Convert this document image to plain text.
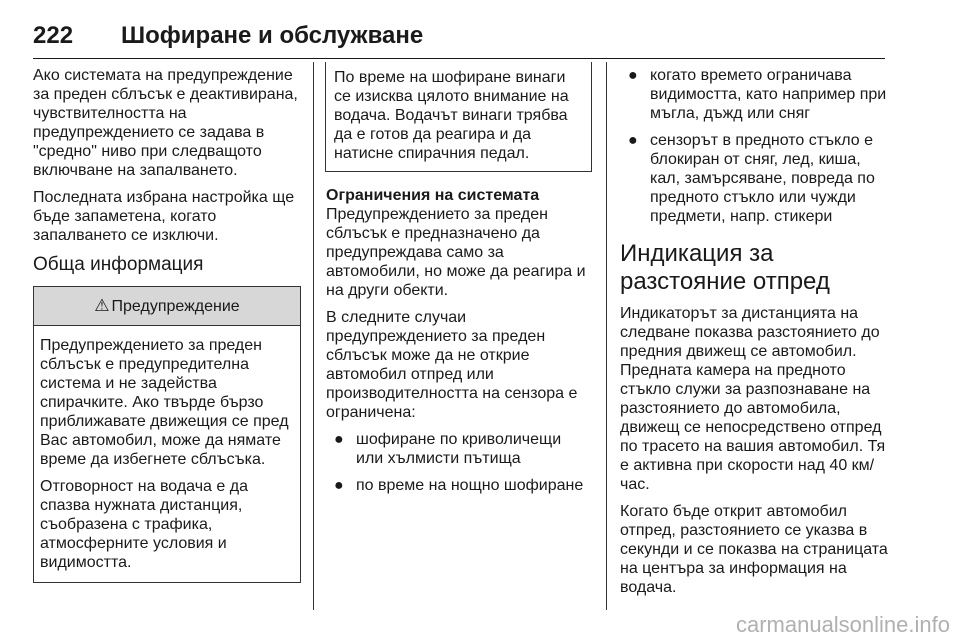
222 Шофиране и обслужване

Ако системата на предупреждение за преден сблъсък е деактивирана, чувствителността на предупреждението се задава в "средно" ниво при следващото включване на запалването.

Последната избрана настройка ще бъде запаметена, когато запалването се изключи.

Обща информация
⚠ Предупреждение

Предупреждението за преден сблъсък е предупредителна система и не задейства спирачките. Ако твърде бързо приближавате движещия се пред Вас автомобил, може да нямате време да избегнете сблъсъка.

Отговорност на водача е да спазва нужната дистанция, съобразена с трафика, атмосферните условия и видимостта.

По време на шофиране винаги се изисква цялото внимание на водача. Водачът винаги трябва да е готов да реагира и да натисне спирачния педал.
Ограничения на системата

Предупреждението за преден сблъсък е предназначено да предупреждава само за автомобили, но може да реагира и на други обекти.

В следните случаи предупреждението за преден сблъсък може да не открие автомобил отпред или производителността на сензора е ограничена:

● шофиране по криволичещи или хълмисти пътища
● по време на нощно шофиране
● когато времето ограничава видимостта, като например при мъгла, дъжд или сняг
● сензорът в предното стъкло е блокиран от сняг, лед, киша, кал, замърсяване, повреда по предното стъкло или чужди предмети, напр. стикери
Индикация за разстояние отпред

Индикаторът за дистанцията на следване показва разстоянието до предния движещ се автомобил. Предната камера на предното стъкло служи за разпознаване на разстоянието до автомобила, движещ се непосредствено отпред по трасето на вашия автомобил. Тя е активна при скорости над 40 км/час.

Когато бъде открит автомобил отпред, разстоянието се указва в секунди и се показва на страницата на центъра за информация на водача.

carmanualsonline.info
